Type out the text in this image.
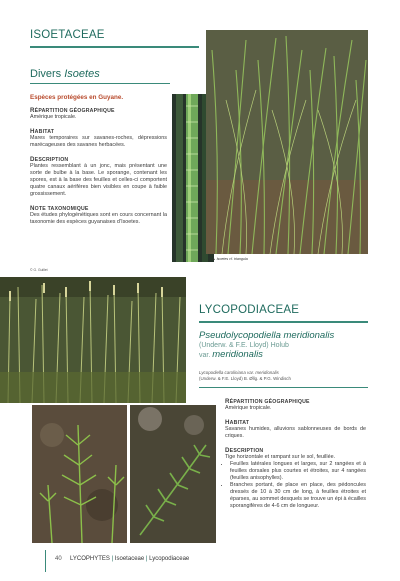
ISOETACEAE
Divers Isoetes
Espèces protégées en Guyane.
RÉPARTITION GÉOGRAPHIQUE
Amérique tropicale.
HABITAT
Mares temporaires sur savanes-roches, dépressions marécageuses des savanes herbacées.
DESCRIPTION
Plantes ressemblant à un jonc, mais présentant une sorte de bulbe à la base. Le sporange, contenant les spores, est à la base des feuilles et celles-ci comportent quatre canaux aérifères bien visibles en coupe à faible grossissement.
NOTE TAXONOMIQUE
Des études phylogénétiques sont en cours concernant la taxonomie des espèces guyanaises d’Isoetes.
▲ Isoetes cf. triangula
© G. Guillet
LYCOPODIACEAE
Pseudolycopodiella meridionalis
(Underw. & F.E. Lloyd) Holub
var. meridionalis
Lycopodiella caroliniana var. meridionalis
(Underw. & F.E. Lloyd) B. Øllg. & P.G. Windisch
RÉPARTITION GÉOGRAPHIQUE
Amérique tropicale.
HABITAT
Savanes humides, alluvions sablonneuses de bords de criques.
DESCRIPTION
Tige horizontale et rampant sur le sol, feuillée.
• Feuilles latérales longues et larges, sur 2 rangées et à feuilles dorsales plus courtes et étroites, sur 4 rangées (feuilles anisophylles).
• Branches portant, de place en place, des pédoncules dressés de 10 à 30 cm de long, à feuilles étroites et éparses, au sommet desquels se trouve un épi à écailles sporangifères de 4-6 cm de longueur.
40 LYCOPHYTES | Isoetaceae | Lycopodiaceae
